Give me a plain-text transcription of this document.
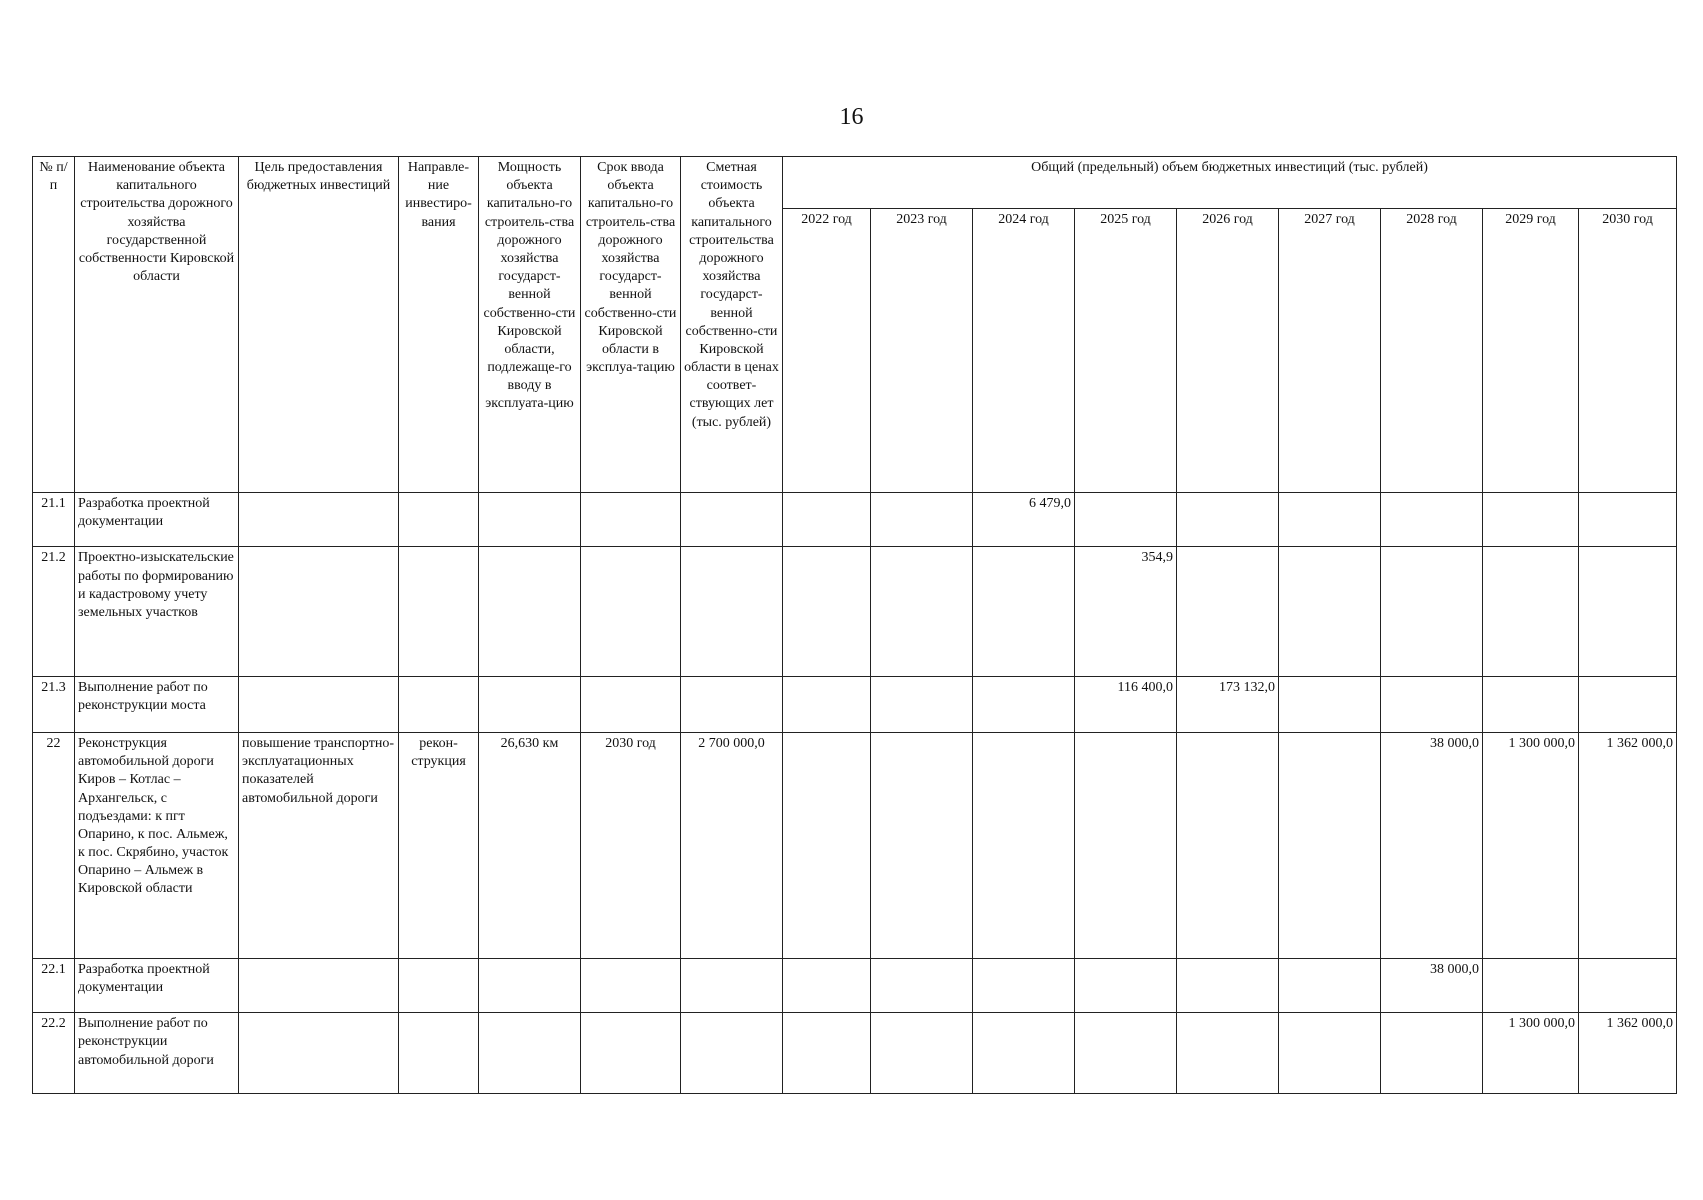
16
№ п/п	Наименование объекта капитального строительства дорожного хозяйства государственной собственности Кировской области	Цель предоставления бюджетных инвестиций	Направле-ние инвестиро-вания	Мощность объекта капитально-го строитель-ства дорожного хозяйства государст-венной собственно-сти Кировской области, подлежаще-го вводу в эксплуата-цию	Срок ввода объекта капитально-го строитель-ства дорожного хозяйства государст-венной собственно-сти Кировской области в эксплуа-тацию	Сметная стоимость объекта капитального строительства дорожного хозяйства государст-венной собственно-сти Кировской области в ценах соответ-ствующих лет (тыс. рублей)	Общий (предельный) объем бюджетных инвестиций (тыс. рублей)								
							2022 год	2023 год	2024 год	2025 год	2026 год	2027 год	2028 год	2029 год	2030 год
21.1	Разработка проектной документации								6 479,0						
21.2	Проектно-изыскательские работы по формированию и кадастровому учету земельных участков									354,9					
21.3	Выполнение работ по реконструкции моста									116 400,0	173 132,0				
22	Реконструкция автомобильной дороги Киров – Котлас – Архангельск, с подъездами: к пгт Опарино, к пос. Альмеж, к пос. Скрябино, участок Опарино – Альмеж в Кировской области	повышение транспортно-эксплуатационных показателей автомобильной дороги	рекон-струкция	26,630 км	2030 год	2 700 000,0							38 000,0	1 300 000,0	1 362 000,0
22.1	Разработка проектной документации												38 000,0		
22.2	Выполнение работ по реконструкции автомобильной дороги													1 300 000,0	1 362 000,0
